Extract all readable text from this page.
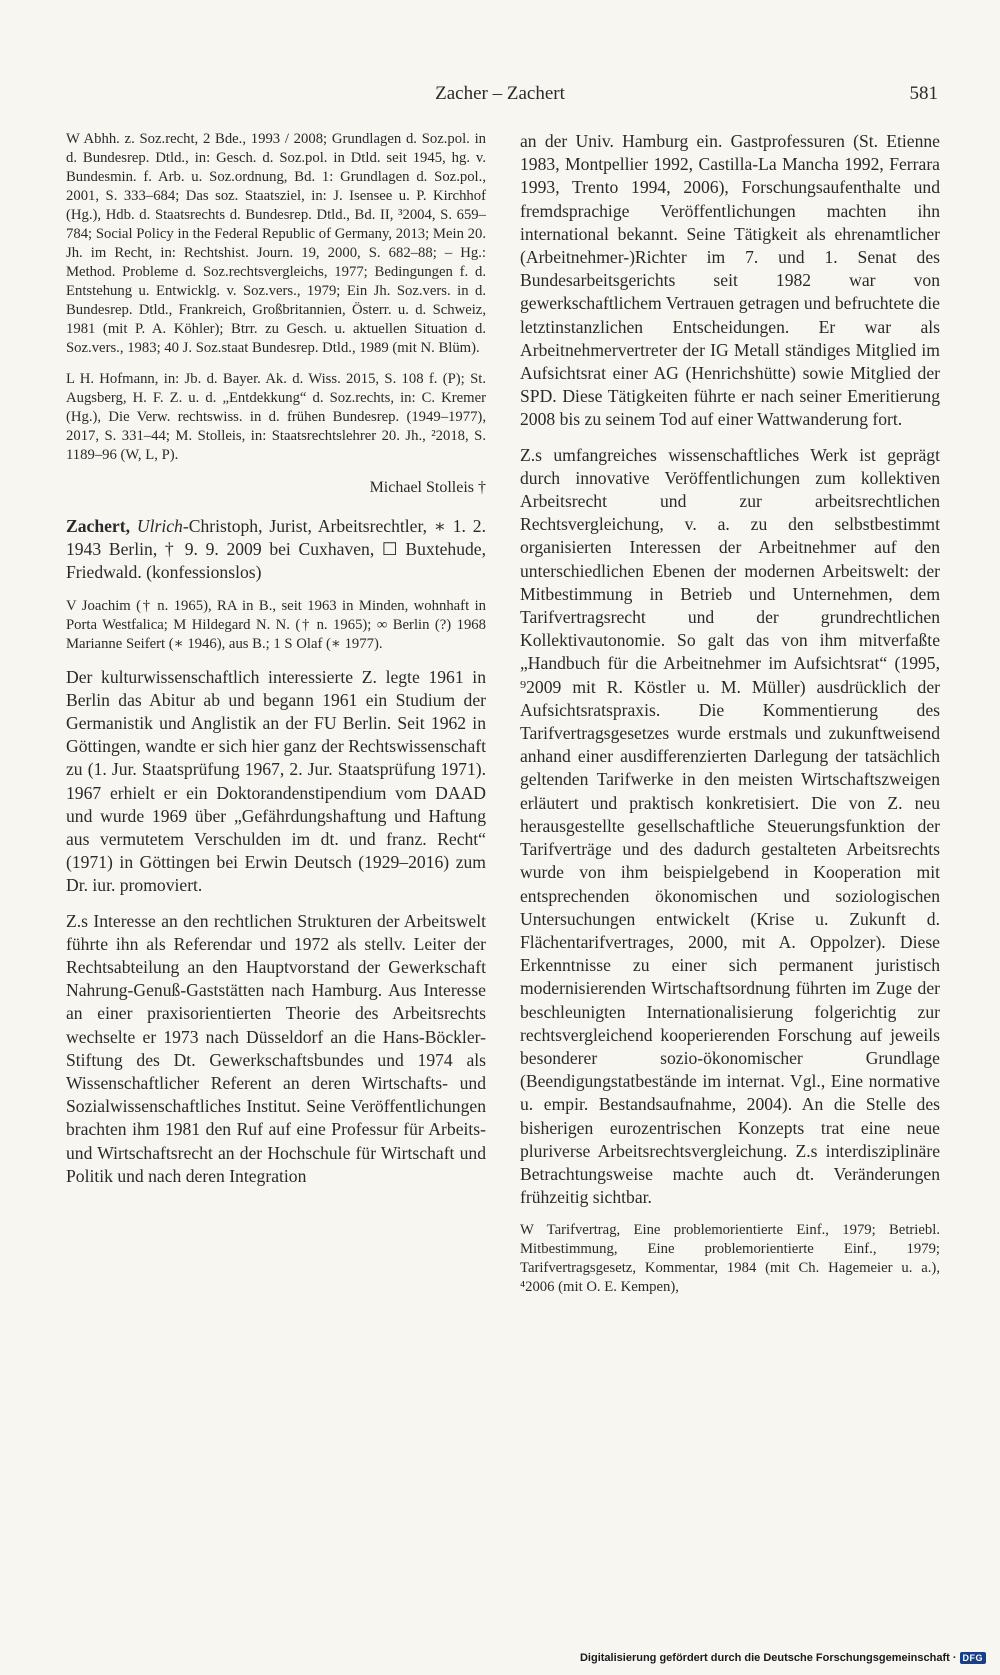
Zacher – Zachert	581

W Abhh. z. Soz.recht, 2 Bde., 1993 / 2008; Grundlagen d. Soz.pol. in d. Bundesrep. Dtld., in: Gesch. d. Soz.pol. in Dtld. seit 1945, hg. v. Bundesmin. f. Arb. u. Soz.ordnung, Bd. 1: Grundlagen d. Soz.pol., 2001, S. 333–684; Das soz. Staatsziel, in: J. Isensee u. P. Kirchhof (Hg.), Hdb. d. Staatsrechts d. Bundesrep. Dtld., Bd. II, ³2004, S. 659–784; Social Policy in the Federal Republic of Germany, 2013; Mein 20. Jh. im Recht, in: Rechtshist. Journ. 19, 2000, S. 682–88; – Hg.: Method. Probleme d. Soz.rechtsvergleichs, 1977; Bedingungen f. d. Entstehung u. Entwicklg. v. Soz.vers., 1979; Ein Jh. Soz.vers. in d. Bundesrep. Dtld., Frankreich, Großbritannien, Österr. u. d. Schweiz, 1981 (mit P. A. Köhler); Btrr. zu Gesch. u. aktuellen Situation d. Soz.vers., 1983; 40 J. Soz.staat Bundesrep. Dtld., 1989 (mit N. Blüm).

L H. Hofmann, in: Jb. d. Bayer. Ak. d. Wiss. 2015, S. 108 f. (P); St. Augsberg, H. F. Z. u. d. „Entdekkung“ d. Soz.rechts, in: C. Kremer (Hg.), Die Verw. rechtswiss. in d. frühen Bundesrep. (1949–1977), 2017, S. 331–44; M. Stolleis, in: Staatsrechtslehrer 20. Jh., ²2018, S. 1189–96 (W, L, P).

Michael Stolleis †

Zachert, Ulrich-Christoph, Jurist, Arbeitsrechtler, ∗ 1. 2. 1943 Berlin, † 9. 9. 2009 bei Cuxhaven, ☐ Buxtehude, Friedwald. (konfessionslos)

V Joachim († n. 1965), RA in B., seit 1963 in Minden, wohnhaft in Porta Westfalica; M Hildegard N. N. († n. 1965); ∞ Berlin (?) 1968 Marianne Seifert (∗ 1946), aus B.; 1 S Olaf (∗ 1977).

Der kulturwissenschaftlich interessierte Z. legte 1961 in Berlin das Abitur ab und begann 1961 ein Studium der Germanistik und Anglistik an der FU Berlin. Seit 1962 in Göttingen, wandte er sich hier ganz der Rechtswissenschaft zu (1. Jur. Staatsprüfung 1967, 2. Jur. Staatsprüfung 1971). 1967 erhielt er ein Doktorandenstipendium vom DAAD und wurde 1969 über „Gefährdungshaftung und Haftung aus vermutetem Verschulden im dt. und franz. Recht“ (1971) in Göttingen bei Erwin Deutsch (1929–2016) zum Dr. iur. promoviert.

Z.s Interesse an den rechtlichen Strukturen der Arbeitswelt führte ihn als Referendar und 1972 als stellv. Leiter der Rechtsabteilung an den Hauptvorstand der Gewerkschaft Nahrung-Genuß-Gaststätten nach Hamburg. Aus Interesse an einer praxisorientierten Theorie des Arbeitsrechts wechselte er 1973 nach Düsseldorf an die Hans-Böckler-Stiftung des Dt. Gewerkschaftsbundes und 1974 als Wissenschaftlicher Referent an deren Wirtschafts- und Sozialwissenschaftliches Institut. Seine Veröffentlichungen brachten ihm 1981 den Ruf auf eine Professur für Arbeits- und Wirtschaftsrecht an der Hochschule für Wirtschaft und Politik und nach deren Integration

an der Univ. Hamburg ein. Gastprofessuren (St. Etienne 1983, Montpellier 1992, Castilla-La Mancha 1992, Ferrara 1993, Trento 1994, 2006), Forschungsaufenthalte und fremdsprachige Veröffentlichungen machten ihn international bekannt. Seine Tätigkeit als ehrenamtlicher (Arbeitnehmer-)Richter im 7. und 1. Senat des Bundesarbeitsgerichts seit 1982 war von gewerkschaftlichem Vertrauen getragen und befruchtete die letztinstanzlichen Entscheidungen. Er war als Arbeitnehmervertreter der IG Metall ständiges Mitglied im Aufsichtsrat einer AG (Henrichshütte) sowie Mitglied der SPD. Diese Tätigkeiten führte er nach seiner Emeritierung 2008 bis zu seinem Tod auf einer Wattwanderung fort.

Z.s umfangreiches wissenschaftliches Werk ist geprägt durch innovative Veröffentlichungen zum kollektiven Arbeitsrecht und zur arbeitsrechtlichen Rechtsvergleichung, v. a. zu den selbstbestimmt organisierten Interessen der Arbeitnehmer auf den unterschiedlichen Ebenen der modernen Arbeitswelt: der Mitbestimmung in Betrieb und Unternehmen, dem Tarifvertragsrecht und der grundrechtlichen Kollektivautonomie. So galt das von ihm mitverfaßte „Handbuch für die Arbeitnehmer im Aufsichtsrat“ (1995, ⁹2009 mit R. Köstler u. M. Müller) ausdrücklich der Aufsichtsratspraxis. Die Kommentierung des Tarifvertragsgesetzes wurde erstmals und zukunftweisend anhand einer ausdifferenzierten Darlegung der tatsächlich geltenden Tarifwerke in den meisten Wirtschaftszweigen erläutert und praktisch konkretisiert. Die von Z. neu herausgestellte gesellschaftliche Steuerungsfunktion der Tarifverträge und des dadurch gestalteten Arbeitsrechts wurde von ihm beispielgebend in Kooperation mit entsprechenden ökonomischen und soziologischen Untersuchungen entwickelt (Krise u. Zukunft d. Flächentarifvertrages, 2000, mit A. Oppolzer). Diese Erkenntnisse zu einer sich permanent juristisch modernisierenden Wirtschaftsordnung führten im Zuge der beschleunigten Internationalisierung folgerichtig zur rechtsvergleichend kooperierenden Forschung auf jeweils besonderer sozio-ökonomischer Grundlage (Beendigungstatbestände im internat. Vgl., Eine normative u. empir. Bestandsaufnahme, 2004). An die Stelle des bisherigen eurozentrischen Konzepts trat eine neue pluriverse Arbeitsrechtsvergleichung. Z.s interdisziplinäre Betrachtungsweise machte auch dt. Veränderungen frühzeitig sichtbar.

W Tarifvertrag, Eine problemorientierte Einf., 1979; Betriebl. Mitbestimmung, Eine problemorientierte Einf., 1979; Tarifvertragsgesetz, Kommentar, 1984 (mit Ch. Hagemeier u. a.), ⁴2006 (mit O. E. Kempen),

Digitalisierung gefördert durch die Deutsche Forschungsgemeinschaft · DFG
